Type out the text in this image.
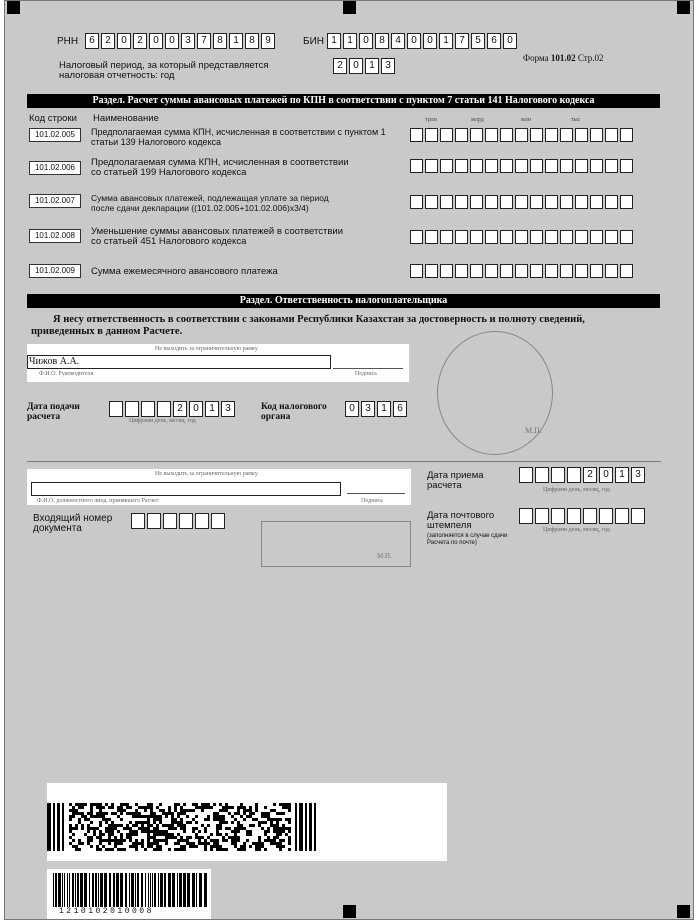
РНН	6	2	0	2	0	0	3	7	8	1	8	9	БИН 1	1	0	8	4	0	0	1	7	5	6	0
Форма 101.02 Стр.02
Налоговый период, за который представляется
налоговая отчетность: год
2	0	1	3
Раздел. Расчет суммы авансовых платежей по КПН в соответствии с пунктом 7 статьи 141 Налогового кодекса
Код строки Наименование	трлн	млрд	млн	тыс
101.02.005	Предполагаемая сумма КПН, исчисленная в соответствии с пунктом 1
статьи 139 Налогового кодекса
101.02.006	Предполагаемая сумма КПН, исчисленная в соответствии
со статьей 199 Налогового кодекса
101.02.007	Сумма авансовых платежей, подлежащая уплате за период
после сдачи декларации ((101.02.005+101.02.006)x3/4)
101.02.008	Уменьшение суммы авансовых платежей в соответствии
со статьей 451 Налогового кодекса
101.02.009	Сумма ежемесячного авансового платежа
Раздел. Ответственность налогоплательщика
Я несу ответственность в соответствии с законами Республики Казахстан за достоверность и полноту сведений,
приведенных в данном Расчете.
Не выходить за ограничительную рамку
Чижов А.А.
Ф.И.О. Руководителя	Подпись
М.П.
Дата подачи
расчета
2	0	1	3
Цифрами день, месяц, год
Код налогового
органа
0	3	1	6
Не выходить за ограничительную рамку
Ф.И.О. должностного лица, принявшего Расчет	Подпись
Дата приема
расчета
2	0	1	3
Цифрами день, месяц, год
Входящий номер
документа
Дата почтового
штемпеля
(заполняется в случае сдачи
Расчета по почте)
Цифрами день, месяц, год
М.П.
1210102010008
